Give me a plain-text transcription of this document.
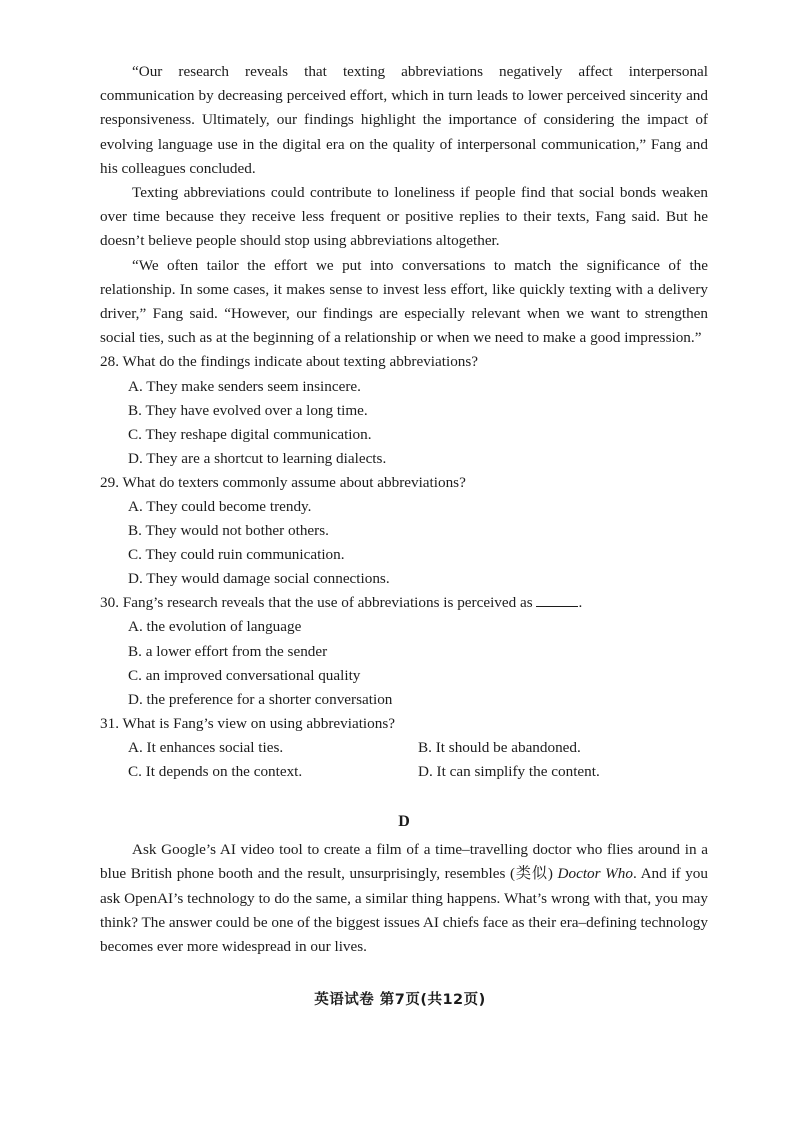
“Our research reveals that texting abbreviations negatively affect interpersonal communication by decreasing perceived effort, which in turn leads to lower perceived sincerity and responsiveness. Ultimately, our findings highlight the importance of considering the impact of evolving language use in the digital era on the quality of interpersonal communication,” Fang and his colleagues concluded.

Texting abbreviations could contribute to loneliness if people find that social bonds weaken over time because they receive less frequent or positive replies to their texts, Fang said. But he doesn’t believe people should stop using abbreviations altogether.

“We often tailor the effort we put into conversations to match the significance of the relationship. In some cases, it makes sense to invest less effort, like quickly texting with a delivery driver,” Fang said. “However, our findings are especially relevant when we want to strengthen social ties, such as at the beginning of a relationship or when we need to make a good impression.”

28. What do the findings indicate about texting abbreviations?

A. They make senders seem insincere.

B. They have evolved over a long time.

C. They reshape digital communication.

D. They are a shortcut to learning dialects.

29. What do texters commonly assume about abbreviations?

A. They could become trendy.

B. They would not bother others.

C. They could ruin communication.

D. They would damage social connections.

30. Fang’s research reveals that the use of abbreviations is perceived as	.

A. the evolution of language

B. a lower effort from the sender

C. an improved conversational quality

D. the preference for a shorter conversation

31. What is Fang’s view on using abbreviations?

A. It enhances social ties.	B. It should be abandoned.
C. It depends on the context.	D. It can simplify the content.
D

Ask Google’s AI video tool to create a film of a time–travelling doctor who flies around in a blue British phone booth and the result, unsurprisingly, resembles (类似) Doctor Who. And if you ask OpenAI’s technology to do the same, a similar thing happens. What’s wrong with that, you may think? The answer could be one of the biggest issues AI chiefs face as their era–defining technology becomes ever more widespread in our lives.

英语试卷 第7页(共12页)
